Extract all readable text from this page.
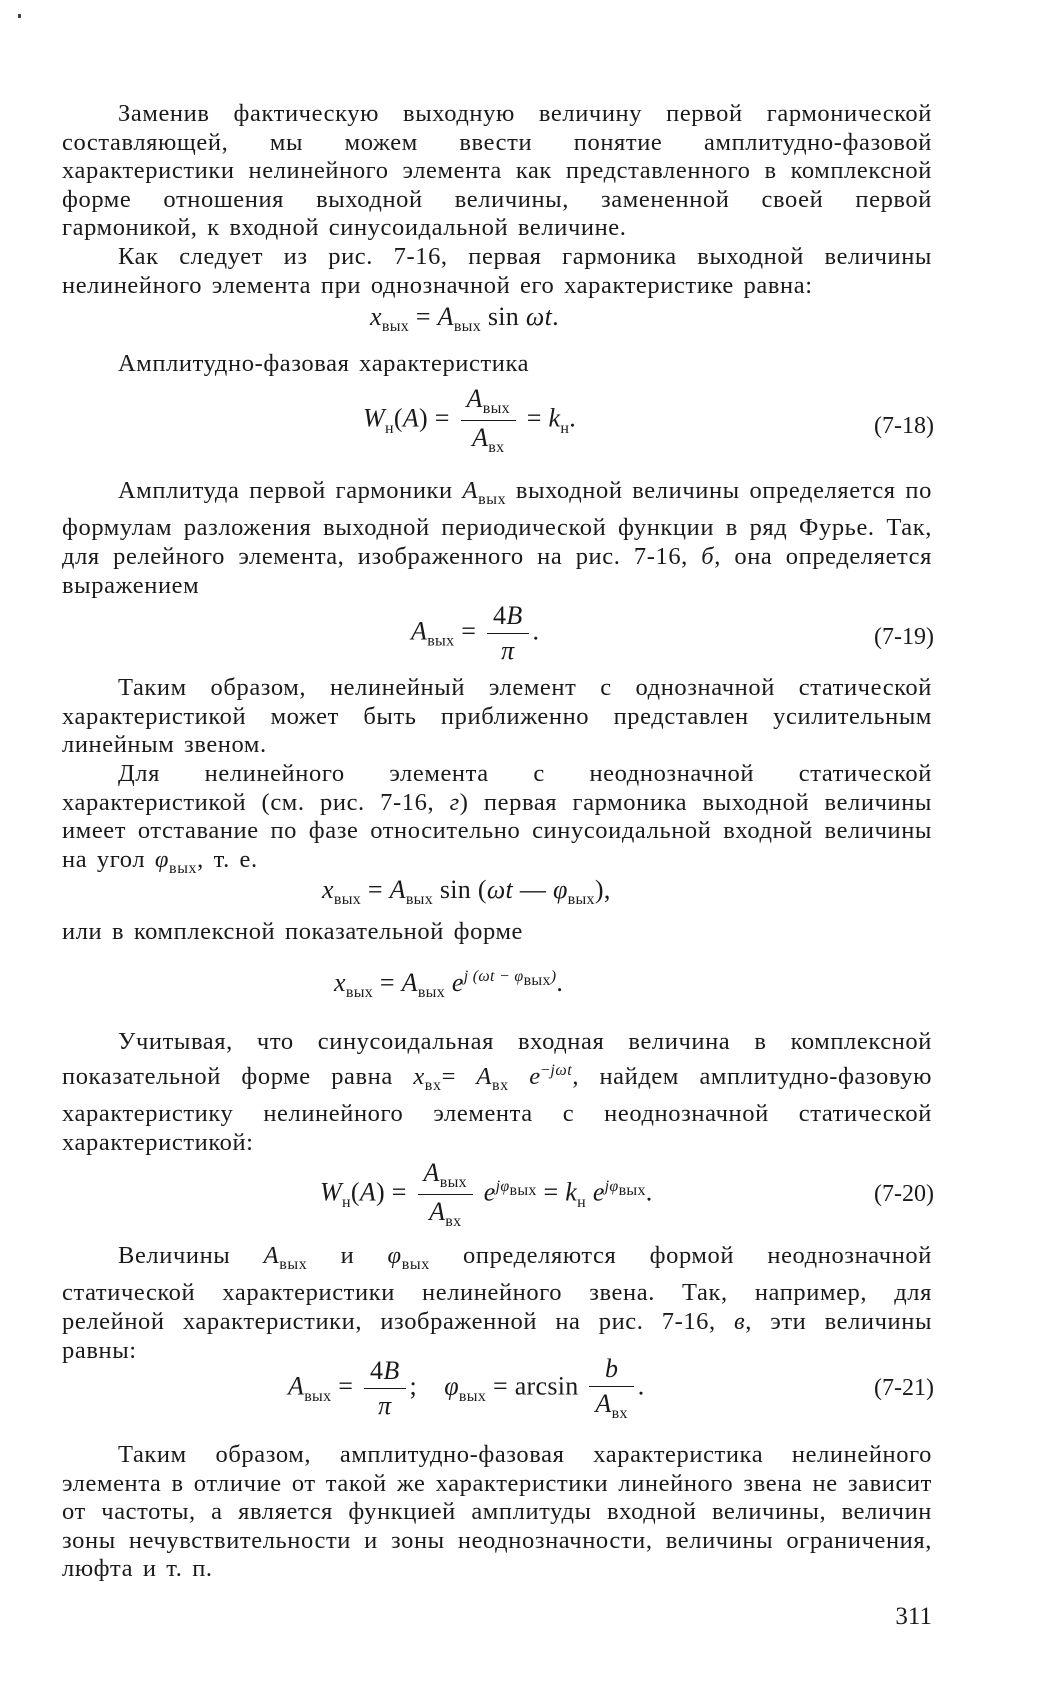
Заменив фактическую выходную величину первой гармонической составляющей, мы можем ввести понятие амплитудно-фазовой характеристики нелинейного элемента как представленного в комплексной форме отношения выходной величины, замененной своей первой гармоникой, к входной синусоидальной величине.
Как следует из рис. 7-16, первая гармоника выходной величины нелинейного элемента при однозначной его характеристике равна:
$x_{вых} = A_{вых}$ sin ωt.
Амплитудно-фазовая характеристика
$W_н(A) = \frac{A_{вых}}{A_{вх}} = k_н$.	(7-18)
Амплитуда первой гармоники $A_{вых}$ выходной величины определяется по формулам разложения выходной периодической функции в ряд Фурье. Так, для релейного элемента, изображенного на рис. 7-16, б, она определяется выражением
$A_{вых} = \frac{4B}{\pi}$ .	(7-19)
Таким образом, нелинейный элемент с однозначной статической характеристикой может быть приближенно представлен усилительным линейным звеном.
Для нелинейного элемента с неоднозначной статической характеристикой (см. рис. 7-16, г) первая гармоника выходной величины имеет отставание по фазе относительно синусоидальной входной величины на угол $\varphi_{вых}$, т. е.
$x_{вых} = A_{вых}$ sin (ωt — $\varphi_{вых}$),
или в комплексной показательной форме
$x_{вых} = A_{вых}$ $e^{j (\omega t - \varphi_{вых})}$.
Учитывая, что синусоидальная входная величина в комплексной показательной форме равна $x_{вх}= A_{вх}$ $e^{-j\omega t}$, найдем амплитудно-фазовую характеристику нелинейного элемента с неоднозначной статической характеристикой:
$W_н(A) = \frac{A_{вых}}{A_{вх}} e^{j\varphi_{вых}} = k_н$ $e^{j\varphi_{вых}}$.	(7-20)
Величины $A_{вых}$ и $\varphi_{вых}$ определяются формой неоднозначной статической характеристики нелинейного звена. Так, например, для релейной характеристики, изображенной на рис. 7-16, в, эти величины равны:
$A_{вых} = \frac{4B}{\pi}$ ;    $\varphi_{вых} = \arcsin \frac{b}{A_{вх}}$ .	(7-21)
Таким образом, амплитудно-фазовая характеристика нелинейного элемента в отличие от такой же характеристики линейного звена не зависит от частоты, а является функцией амплитуды входной величины, величин зоны нечувствительности и зоны неоднозначности, величины ограничения, люфта и т. п.
311
